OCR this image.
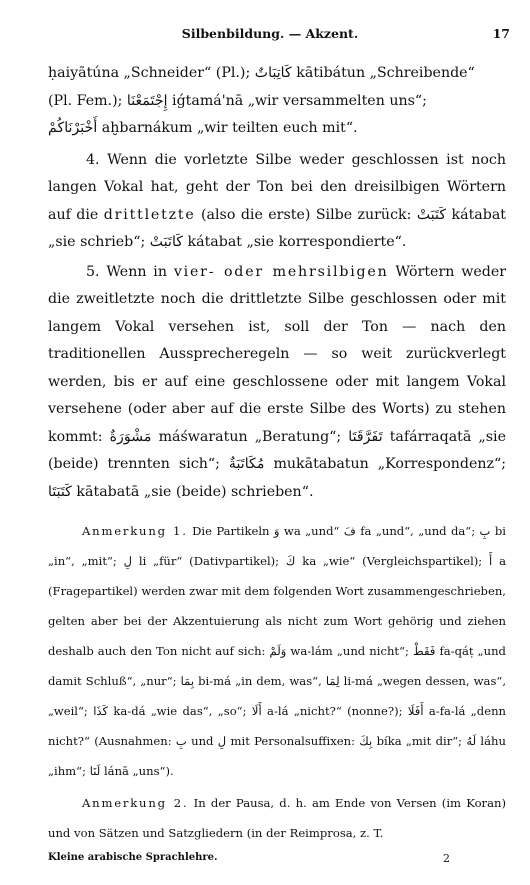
Silbenbildung. — Akzent.	17

ḥaiyātúna „Schneider“ (Pl.); كَاتِبَاتٌ kātibátun „Schreibende“

(Pl. Fem.); إِجْتَمَعْنَا iǵtamá'nā „wir versammelten uns“;

أَخْبَرْنَاكُمْ aḫbarnákum „wir teilten euch mit“.

4. Wenn die vorletzte Silbe weder geschlossen ist noch langen Vokal hat, geht der Ton bei den dreisilbigen Wörtern auf die drittletzte (also die erste) Silbe zurück: كَتَبَتْ kátabat „sie schrieb“; كَاتَبَتْ kátabat „sie korrespondierte“.

5. Wenn in vier- oder mehrsilbigen Wörtern weder die zweitletzte noch die drittletzte Silbe geschlossen oder mit langem Vokal versehen ist, soll der Ton — nach den traditionellen Aussprecheregeln — so weit zurückverlegt werden, bis er auf eine geschlossene oder mit langem Vokal versehene (oder aber auf die erste Silbe des Worts) zu stehen kommt: مَشْوَرَةٌ máśwaratun „Beratung“; تَفَرَّقَتَا tafárraqatā „sie (beide) trennten sich“; مُكَاتَبَةٌ mukātabatun „Korrespondenz“; كَتَبَتَا kātabatā „sie (beide) schrieben“.

Anmerkung 1. Die Partikeln وَ wa „und“ فَ fa „und“, „und da“; بِ bi „in“, „mit“; لِ li „für“ (Dativpartikel); كَ ka „wie“ (Vergleichspartikel); أَ a (Fragepartikel) werden zwar mit dem folgenden Wort zusammengeschrieben, gelten aber bei der Akzentuierung als nicht zum Wort gehörig und ziehen deshalb auch den Ton nicht auf sich: وَلَمْ wa-lám „und nicht“; فَقَطْ fa-qáṭ „und damit Schluß“, „nur“; بِمَا bi-má „in dem, was“, لِمَا li-má „wegen dessen, was“, „weil“; كَذَا ka-dá „wie das“, „so“; أَلَا a-lá „nicht?“ (nonne?); أَفَلَا a-fa-lá „denn nicht?“ (Ausnahmen: بِ und لِ mit Personalsuffixen: بِكَ bíka „mit dir“; لَهُ láhu „ihm“; لَنَا lánā „uns“).

Anmerkung 2. In der Pausa, d. h. am Ende von Versen (im Koran) und von Sätzen und Satzgliedern (in der Reimprosa, z. T.

Kleine arabische Sprachlehre.	2
